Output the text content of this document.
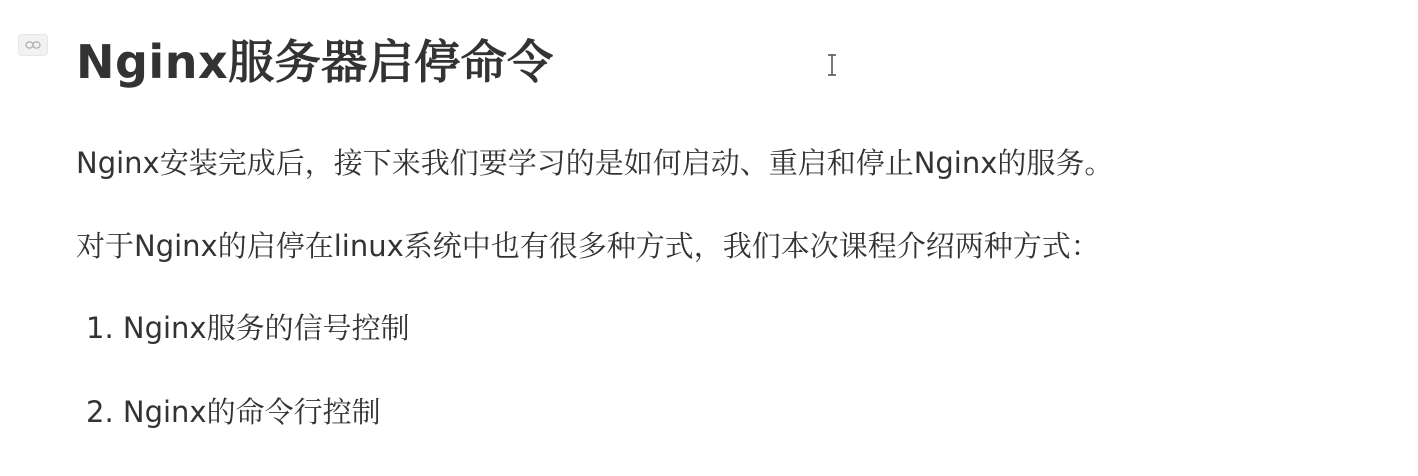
Nginx服务器启停命令

Nginx安装完成后，接下来我们要学习的是如何启动、重启和停止Nginx的服务。

对于Nginx的启停在linux系统中也有很多种方式，我们本次课程介绍两种方式：

1. Nginx服务的信号控制
2. Nginx的命令行控制
